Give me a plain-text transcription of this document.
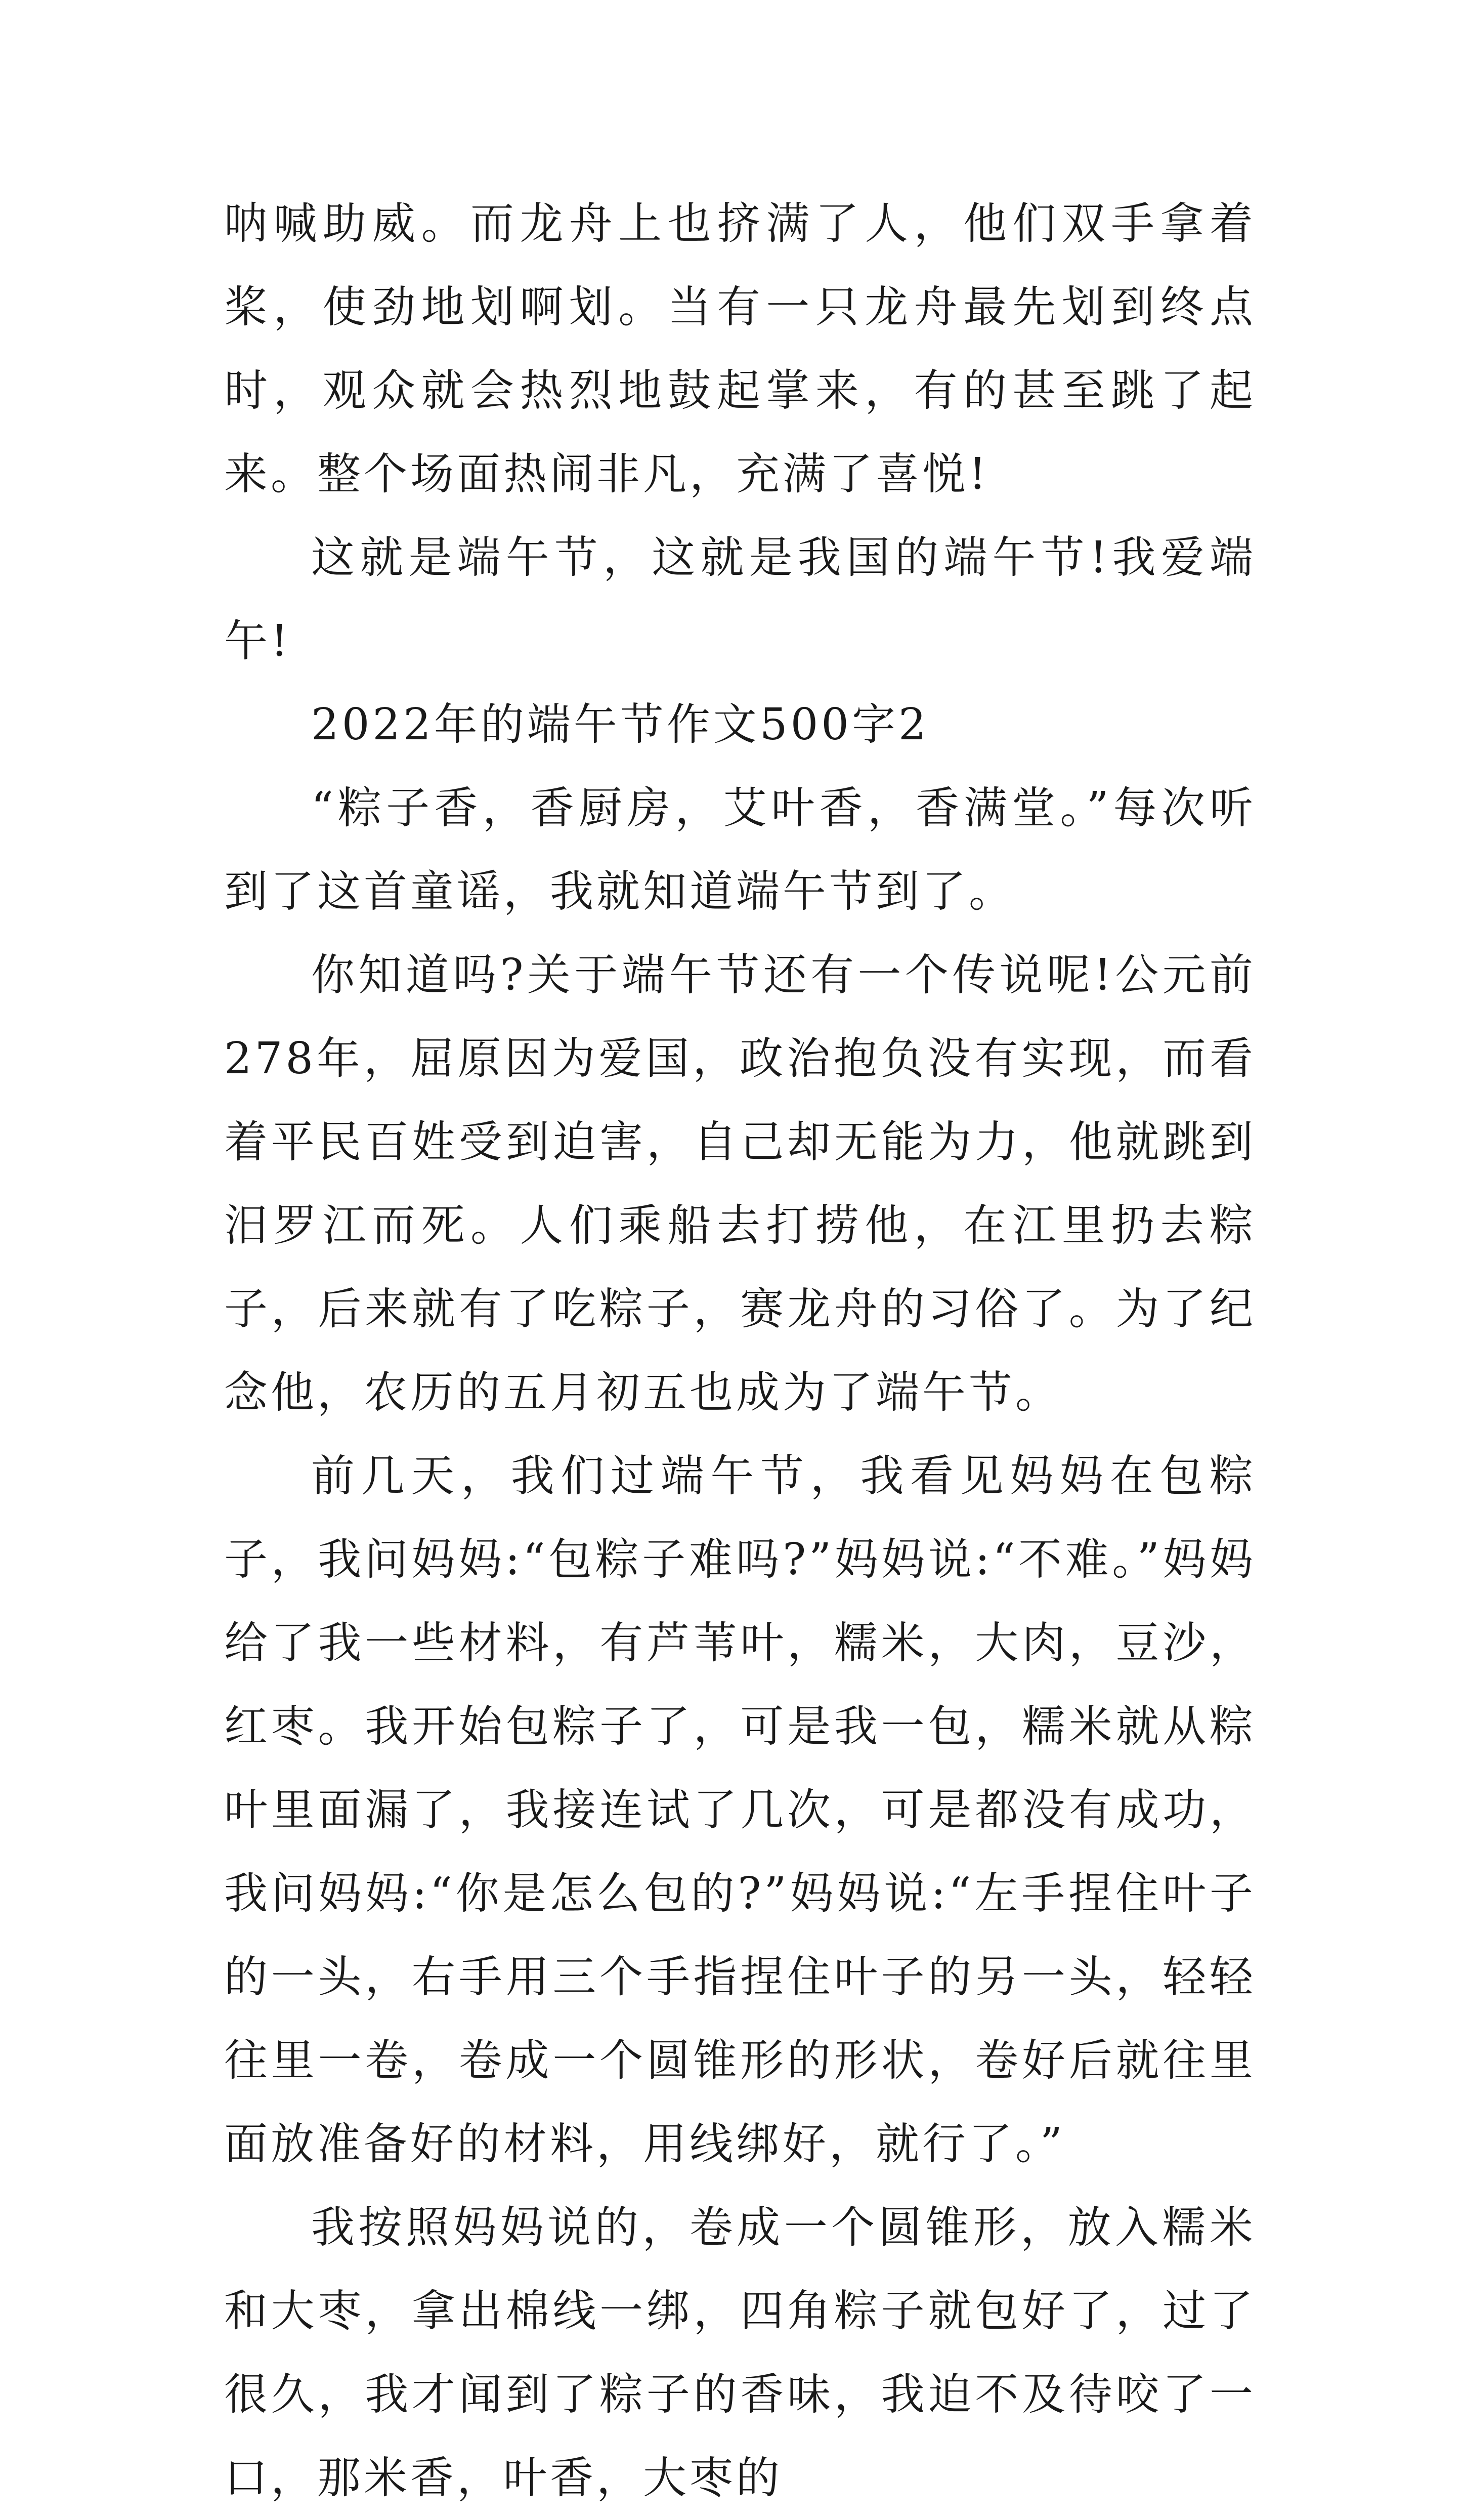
呐喊助威。而龙舟上也挤满了人，他们双手拿着桨，使劲地划啊划。当有一只龙舟最先划到终点时，观众就会热烈地鼓起掌来，有的甚至跳了起来。整个场面热闹非凡，充满了喜悦!

这就是端午节，这就是我国的端午节!我爱端午!

2022年的端午节作文500字2

“粽子香，香厨房，艾叶香，香满堂。”每次听到了这首童谣，我就知道端午节到了。

你知道吗?关于端午节还有一个传说呢!公元前278年，屈原因为爱国，政治抱负没有实现，而看着平民百姓受到迫害，自己却无能为力，他就跳到汨罗江而死。人们乘船去打捞他，在江里扔去粽子，后来就有了吃粽子，赛龙舟的习俗了。为了纪念他，农历的五月初五也成为了端午节。

前几天，我们过端午节，我看见妈妈在包粽子，我问妈妈:“包粽子难吗?”妈妈说:“不难。”妈妈给了我一些材料，有芦苇叶，糯米，大肉，豆沙，红枣。我开始包粽子了，可是我一包，糯米就从粽叶里面漏了，我接连试了几次，可是都没有成功，我问妈妈:“你是怎么包的?”妈妈说:“左手捏住叶子的一头，右手用三个手指捏住叶子的另一头，轻轻往里一卷，卷成一个圆锥形的形状，卷好后就往里面放准备好的材料，用线绑好，就行了。”

我按照妈妈说的，卷成一个圆锥形，放入糯米和大枣，拿出棉线一绑，四角粽子就包好了，过了很久，我才闻到了粽子的香味，我迫不及待咬了一口，那米香，叶香，大枣的
